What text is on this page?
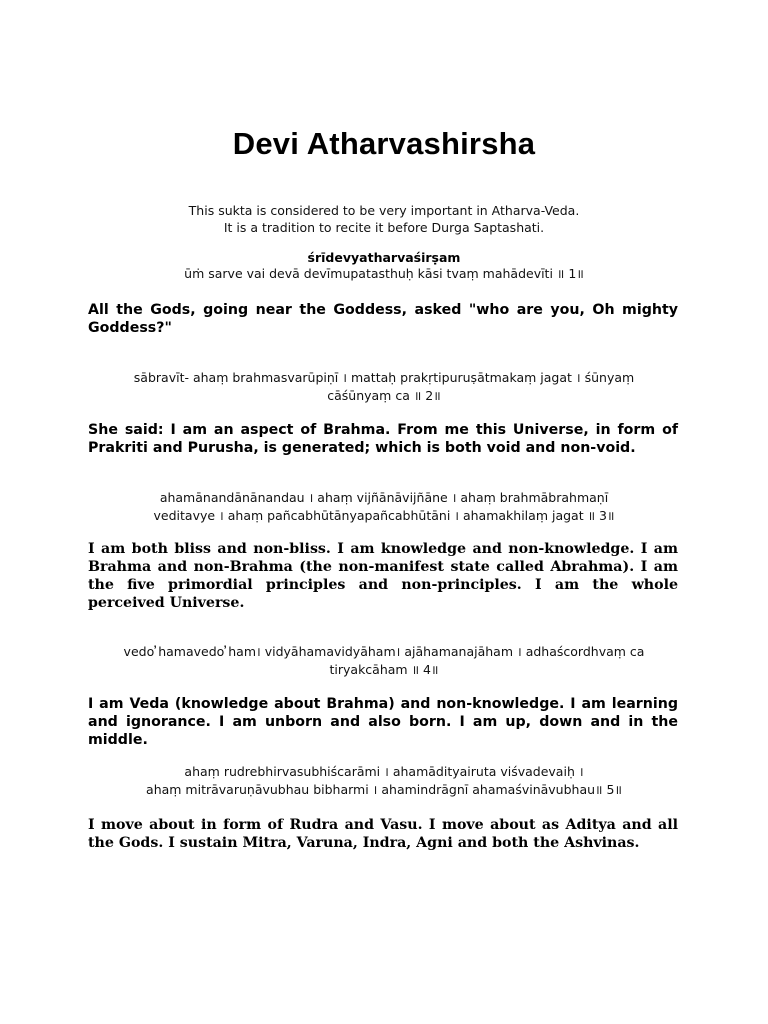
Devi Atharvashirsha
This sukta is considered to be very important in Atharva-Veda.
It is a tradition to recite it before Durga Saptashati.
śrīdevyatharvaśirṣam
ūṁ sarve vai devā devīmupatasthuḥ kāsi tvaṃ mahādevīti ॥ 1॥
All the Gods, going near the Goddess, asked "who are you, Oh mighty Goddess?"
sābravīt- ahaṃ brahmasvarūpiṇī । mattaḥ prakṛtipuruṣātmakaṃ jagat । śūnyaṃ
cāśūnyaṃ ca ॥ 2॥
She said: I am an aspect of Brahma. From me this Universe, in form of Prakriti and Purusha, is generated; which is both void and non-void.
ahamānandānānandau । ahaṃ vijñānāvijñāne । ahaṃ brahmābrahmaṇī
veditavye । ahaṃ pañcabhūtānyapañcabhūtāni । ahamakhilaṃ jagat ॥ 3॥
I am both bliss and non-bliss. I am knowledge and non-knowledge. I am Brahma and non-Brahma (the non-manifest state called Abrahma). I am the five primordial principles and non-principles. I am the whole perceived Universe.
vedo ̓hamavedo ̓ham। vidyāhamavidyāham। ajāhamanajāham । adhaścordhvaṃ ca
tiryakcāham ॥ 4॥
I am Veda (knowledge about Brahma) and non-knowledge. I am learning and ignorance. I am unborn and also born. I am up, down and in the middle.
ahaṃ rudrebhirvasubhiścarāmi । ahamādityairuta viśvadevaiḥ ।
ahaṃ mitrāvaruṇāvubhau bibharmi । ahamindrāgnī ahamaśvināvubhau॥ 5॥
I move about in form of Rudra and Vasu. I move about as Aditya and all the Gods. I sustain Mitra, Varuna, Indra, Agni and both the Ashvinas.
